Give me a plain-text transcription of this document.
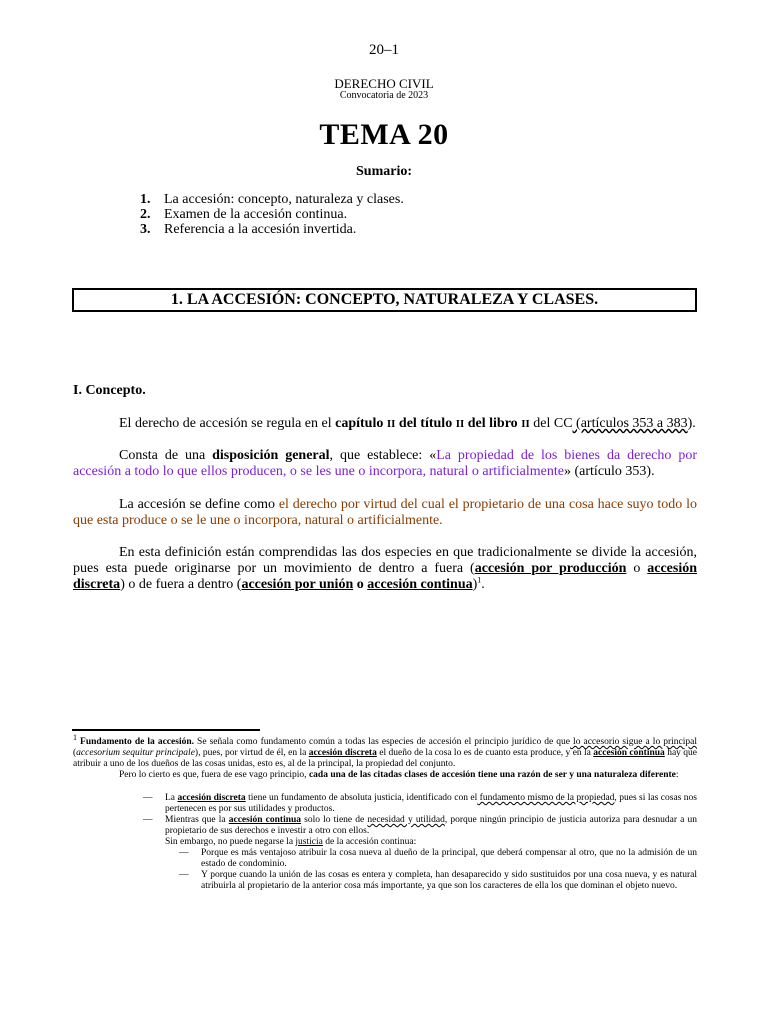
20–1
DERECHO CIVIL
Convocatoria de 2023
TEMA 20
Sumario:
1. La accesión: concepto, naturaleza y clases.
2. Examen de la accesión continua.
3. Referencia a la accesión invertida.
1. LA ACCESIÓN: CONCEPTO, NATURALEZA Y CLASES.
I. Concepto.

El derecho de accesión se regula en el capítulo II del título II del libro II del CC (artículos 353 a 383).

Consta de una disposición general, que establece: «La propiedad de los bienes da derecho por accesión a todo lo que ellos producen, o se les une o incorpora, natural o artificialmente» (artículo 353).

La accesión se define como el derecho por virtud del cual el propietario de una cosa hace suyo todo lo que esta produce o se le une o incorpora, natural o artificialmente.

En esta definición están comprendidas las dos especies en que tradicionalmente se divide la accesión, pues esta puede originarse por un movimiento de dentro a fuera (accesión por producción o accesión discreta) o de fuera a dentro (accesión por unión o accesión continua)$^1$.

$^1$ Fundamento de la accesión. Se señala como fundamento común a todas las especies de accesión el principio jurídico de que lo accesorio sigue a lo principal (accesorium sequitur principale), pues, por virtud de él, en la accesión discreta el dueño de la cosa lo es de cuanto esta produce, y en la accesión continua hay que atribuir a uno de los dueños de las cosas unidas, esto es, al de la principal, la propiedad del conjunto.

Pero lo cierto es que, fuera de ese vago principio, cada una de las citadas clases de accesión tiene una razón de ser y una naturaleza diferente:

— La accesión discreta tiene un fundamento de absoluta justicia, identificado con el fundamento mismo de la propiedad, pues si las cosas nos pertenecen es por sus utilidades y productos.

— Mientras que la accesión continua solo lo tiene de necesidad y utilidad, porque ningún principio de justicia autoriza para desnudar a un propietario de sus derechos e investir a otro con ellos.

Sin embargo, no puede negarse la justicia de la accesión continua:

— Porque es más ventajoso atribuir la cosa nueva al dueño de la principal, que deberá compensar al otro, que no la admisión de un estado de condominio.

— Y porque cuando la unión de las cosas es entera y completa, han desaparecido y sido sustituidos por una cosa nueva, y es natural atribuirla al propietario de la anterior cosa más importante, ya que son los caracteres de ella los que dominan el objeto nuevo.
